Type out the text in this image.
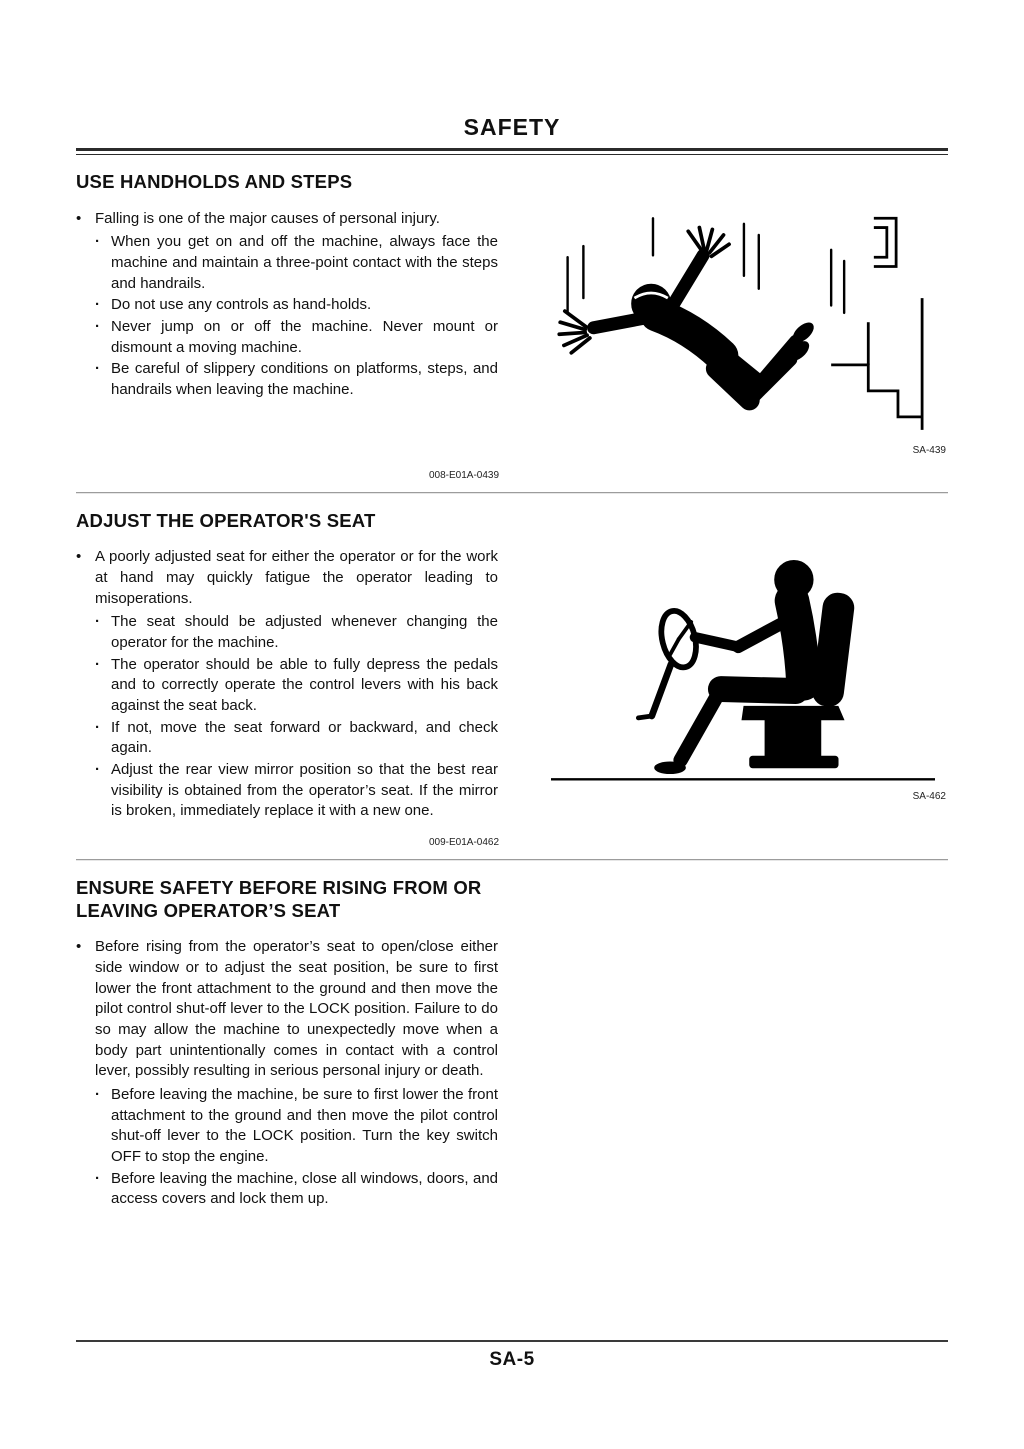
SAFETY
USE HANDHOLDS AND STEPS
• Falling is one of the major causes of personal injury.
· When you get on and off the machine, always face the machine and maintain a three-point contact with the steps and handrails.
· Do not use any controls as hand-holds.
· Never jump on or off the machine. Never mount or dismount a moving machine.
· Be careful of slippery conditions on platforms, steps, and handrails when leaving the machine.
SA-439
008-E01A-0439
ADJUST THE OPERATOR'S SEAT
• A poorly adjusted seat for either the operator or for the work at hand may quickly fatigue the operator leading to misoperations.
· The seat should be adjusted whenever changing the operator for the machine.
· The operator should be able to fully depress the pedals and to correctly operate the control levers with his back against the seat back.
· If not, move the seat forward or backward, and check again.
· Adjust the rear view mirror position so that the best rear visibility is obtained from the operator’s seat. If the mirror is broken, immediately replace it with a new one.
SA-462
009-E01A-0462
ENSURE SAFETY BEFORE RISING FROM OR LEAVING OPERATOR’S SEAT
• Before rising from the operator’s seat to open/close either side window or to adjust the seat position, be sure to first lower the front attachment to the ground and then move the pilot control shut-off lever to the LOCK position. Failure to do so may allow the machine to unexpectedly move when a body part unintentionally comes in contact with a control lever, possibly resulting in serious personal injury or death.
· Before leaving the machine, be sure to first lower the front attachment to the ground and then move the pilot control shut-off lever to the LOCK position. Turn the key switch OFF to stop the engine.
· Before leaving the machine, close all windows, doors, and access covers and lock them up.
SA-5
